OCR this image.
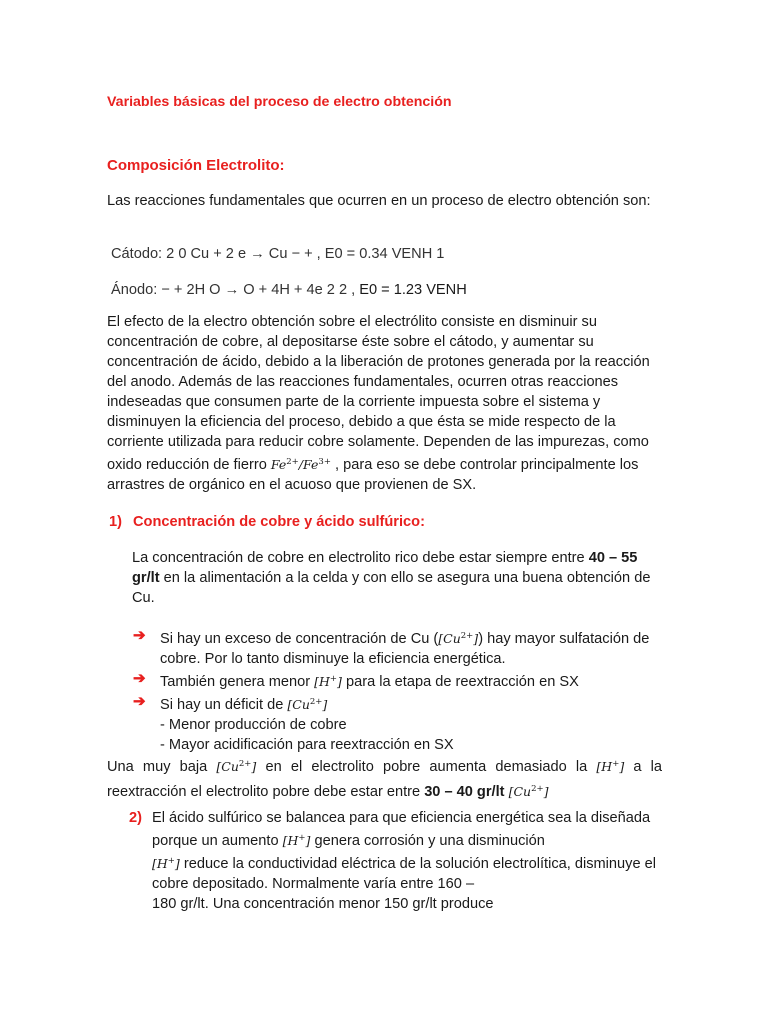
Variables básicas del proceso de electro obtención
Composición Electrolito:
Las reacciones fundamentales que ocurren en un proceso de electro obtención son:
Cátodo: 2 0 Cu + 2 e → Cu − + , E0 = 0.34 VENH 1
Ánodo: − + 2H O → O + 4H + 4e 2 2 , E0 = 1.23 VENH
El efecto de la electro obtención sobre el electrólito consiste en disminuir su concentración de cobre, al depositarse éste sobre el cátodo, y aumentar su concentración de ácido, debido a la liberación de protones generada por la reacción del anodo. Además de las reacciones fundamentales, ocurren otras reacciones indeseadas que consumen parte de la corriente impuesta sobre el sistema y disminuyen la eficiencia del proceso, debido a que ésta se mide respecto de la corriente utilizada para reducir cobre solamente. Dependen de las impurezas, como oxido reducción de fierro $Fe^{2+}/Fe^{3+}$ , para eso se debe controlar principalmente los arrastres de orgánico en el acuoso que provienen de SX.
1) Concentración de cobre y ácido sulfúrico:
La concentración de cobre en electrolito rico debe estar siempre entre 40 – 55 gr/lt en la alimentación a la celda y con ello se asegura una buena obtención de Cu.
➔ Si hay un exceso de concentración de Cu $([Cu^{2+}])$ hay mayor sulfatación de cobre. Por lo tanto disminuye la eficiencia energética.
➔ También genera menor [H+] para la etapa de reextracción en SX
➔ Si hay un déficit de $[Cu^{2+}]$
- Menor producción de cobre
- Mayor acidificación para reextracción en SX
Una muy baja $[Cu^{2+}]$ en el electrolito pobre aumenta demasiado la [H+] a la
reextracción el electrolito pobre debe estar entre 30 – 40 gr/lt $[Cu^{2+}]$
2) El ácido sulfúrico se balancea para que eficiencia energética sea la diseñada porque un aumento [H+] genera corrosión y una disminución
[H+] reduce la conductividad eléctrica de la solución electrolítica, disminuye el cobre depositado. Normalmente varía entre 160 –
180 gr/lt. Una concentración menor 150 gr/lt produce
